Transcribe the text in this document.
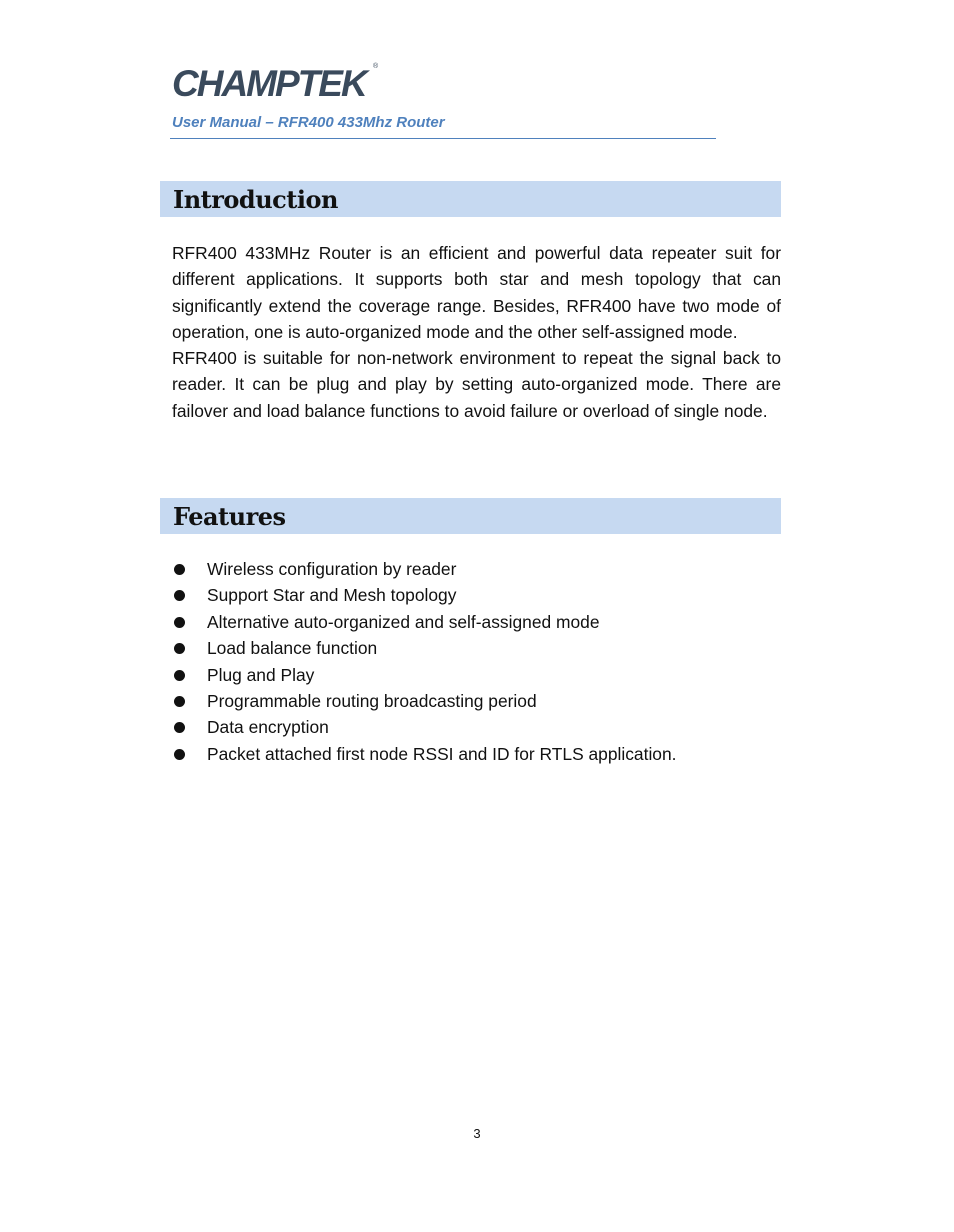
CHAMPTEK	®
User Manual – RFR400 433Mhz Router
Introduction

RFR400 433MHz Router is an efficient and powerful data repeater suit for different applications. It supports both star and mesh topology that can significantly extend the coverage range. Besides, RFR400 have two mode of operation, one is auto-organized mode and the other self-assigned mode.

RFR400 is suitable for non-network environment to repeat the signal back to reader. It can be plug and play by setting auto-organized mode. There are failover and load balance functions to avoid failure or overload of single node.

Features
Wireless configuration by reader
Support Star and Mesh topology
Alternative auto-organized and self-assigned mode
Load balance function
Plug and Play
Programmable routing broadcasting period
Data encryption
Packet attached first node RSSI and ID for RTLS application.
3
